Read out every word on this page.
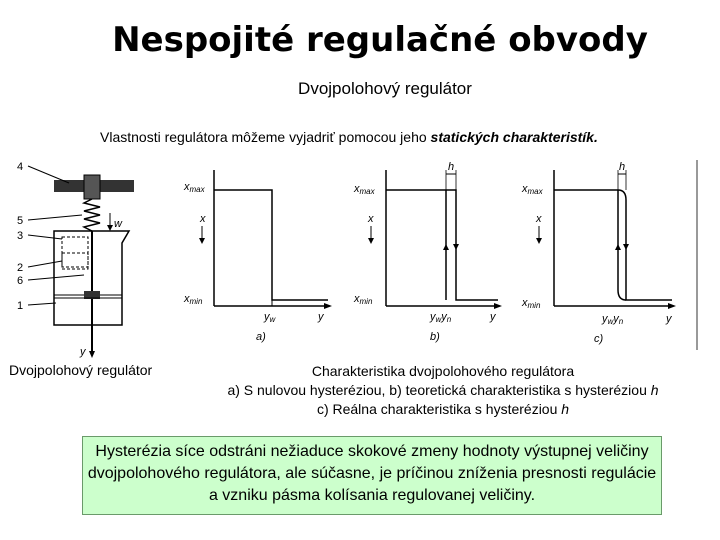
Nespojité regulačné obvody
Dvojpolohový regulátor
Vlastnosti regulátora môžeme vyjadriť pomocou jeho statických charakteristík.
4
5
3
2
6
1
w
y
Dvojpolohový regulátor
xmax
xmin
x
yw	y
a)
h
xmax
xmin
x
ywyn	y
b)
h
xmax
xmin
x
ywyn	y
c)
Charakteristika dvojpolohového regulátora
a) S nulovou hysteréziou, b) teoretická charakteristika s hysteréziou h
c) Reálna charakteristika s hysteréziou h
Hysterézia síce odstráni nežiaduce skokové zmeny hodnoty výstupnej veličiny dvojpolohového regulátora, ale súčasne, je príčinou zníženia presnosti regulácie a vzniku pásma kolísania regulovanej veličiny.
